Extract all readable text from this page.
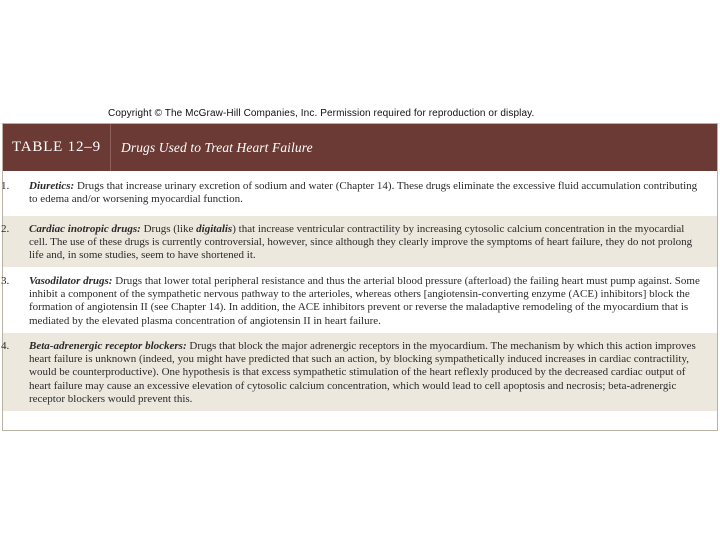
Copyright © The McGraw-Hill Companies, Inc. Permission required for reproduction or display.
TABLE 12–9	Drugs Used to Treat Heart Failure
1. Diuretics: Drugs that increase urinary excretion of sodium and water (Chapter 14). These drugs eliminate the excessive fluid accumulation contributing to edema and/or worsening myocardial function.
2. Cardiac inotropic drugs: Drugs (like digitalis) that increase ventricular contractility by increasing cytosolic calcium concentration in the myocardial cell. The use of these drugs is currently controversial, however, since although they clearly improve the symptoms of heart failure, they do not prolong life and, in some studies, seem to have shortened it.
3. Vasodilator drugs: Drugs that lower total peripheral resistance and thus the arterial blood pressure (afterload) the failing heart must pump against. Some inhibit a component of the sympathetic nervous pathway to the arterioles, whereas others [angiotensin-converting enzyme (ACE) inhibitors] block the formation of angiotensin II (see Chapter 14). In addition, the ACE inhibitors prevent or reverse the maladaptive remodeling of the myocardium that is mediated by the elevated plasma concentration of angiotensin II in heart failure.
4. Beta-adrenergic receptor blockers: Drugs that block the major adrenergic receptors in the myocardium. The mechanism by which this action improves heart failure is unknown (indeed, you might have predicted that such an action, by blocking sympathetically induced increases in cardiac contractility, would be counterproductive). One hypothesis is that excess sympathetic stimulation of the heart reflexly produced by the decreased cardiac output of heart failure may cause an excessive elevation of cytosolic calcium concentration, which would lead to cell apoptosis and necrosis; beta-adrenergic receptor blockers would prevent this.
